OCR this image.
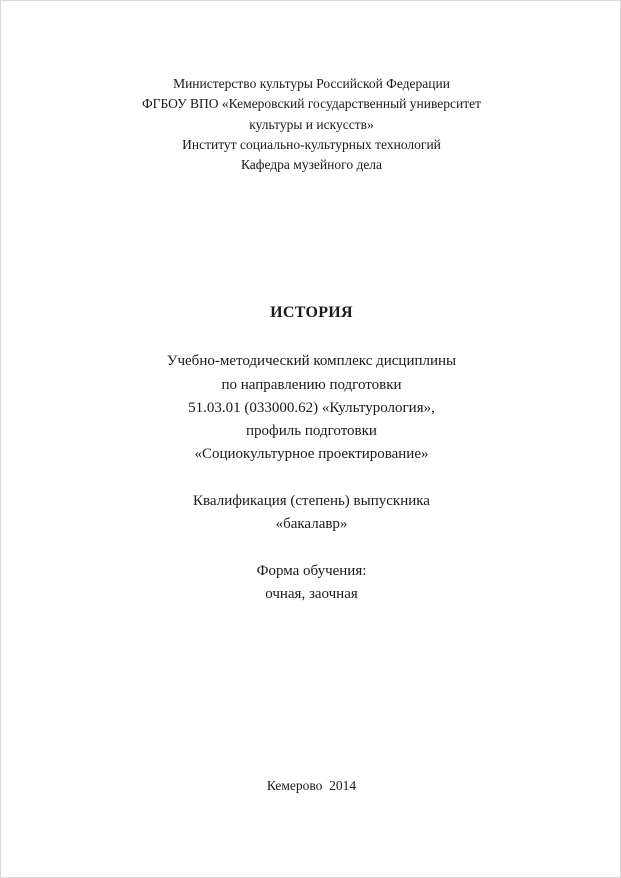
Министерство культуры Российской Федерации
ФГБОУ ВПО «Кемеровский государственный университет
культуры и искусств»
Институт социально-культурных технологий
Кафедра музейного дела
ИСТОРИЯ
Учебно-методический комплекс дисциплины
по направлению подготовки
51.03.01 (033000.62) «Культурология»,
профиль подготовки
«Социокультурное проектирование»
Квалификация (степень) выпускника
«бакалавр»
Форма обучения:
очная, заочная
Кемерово  2014
